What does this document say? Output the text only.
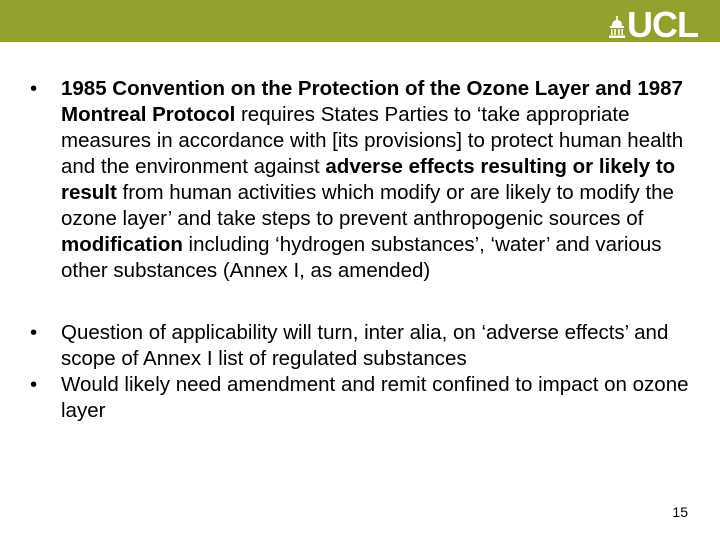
UCL
• 1985 Convention on the Protection of the Ozone Layer and 1987 Montreal Protocol requires States Parties to ‘take appropriate measures in accordance with [its provisions] to protect human health and the environment against adverse effects resulting or likely to result from human activities which modify or are likely to modify the ozone layer’ and take steps to prevent anthropogenic sources of modification including ‘hydrogen substances’, ‘water’ and various other substances (Annex I, as amended)
• Question of applicability will turn, inter alia, on ‘adverse effects’ and scope of Annex I list of regulated substances
• Would likely need amendment and remit confined to impact on ozone layer
15
